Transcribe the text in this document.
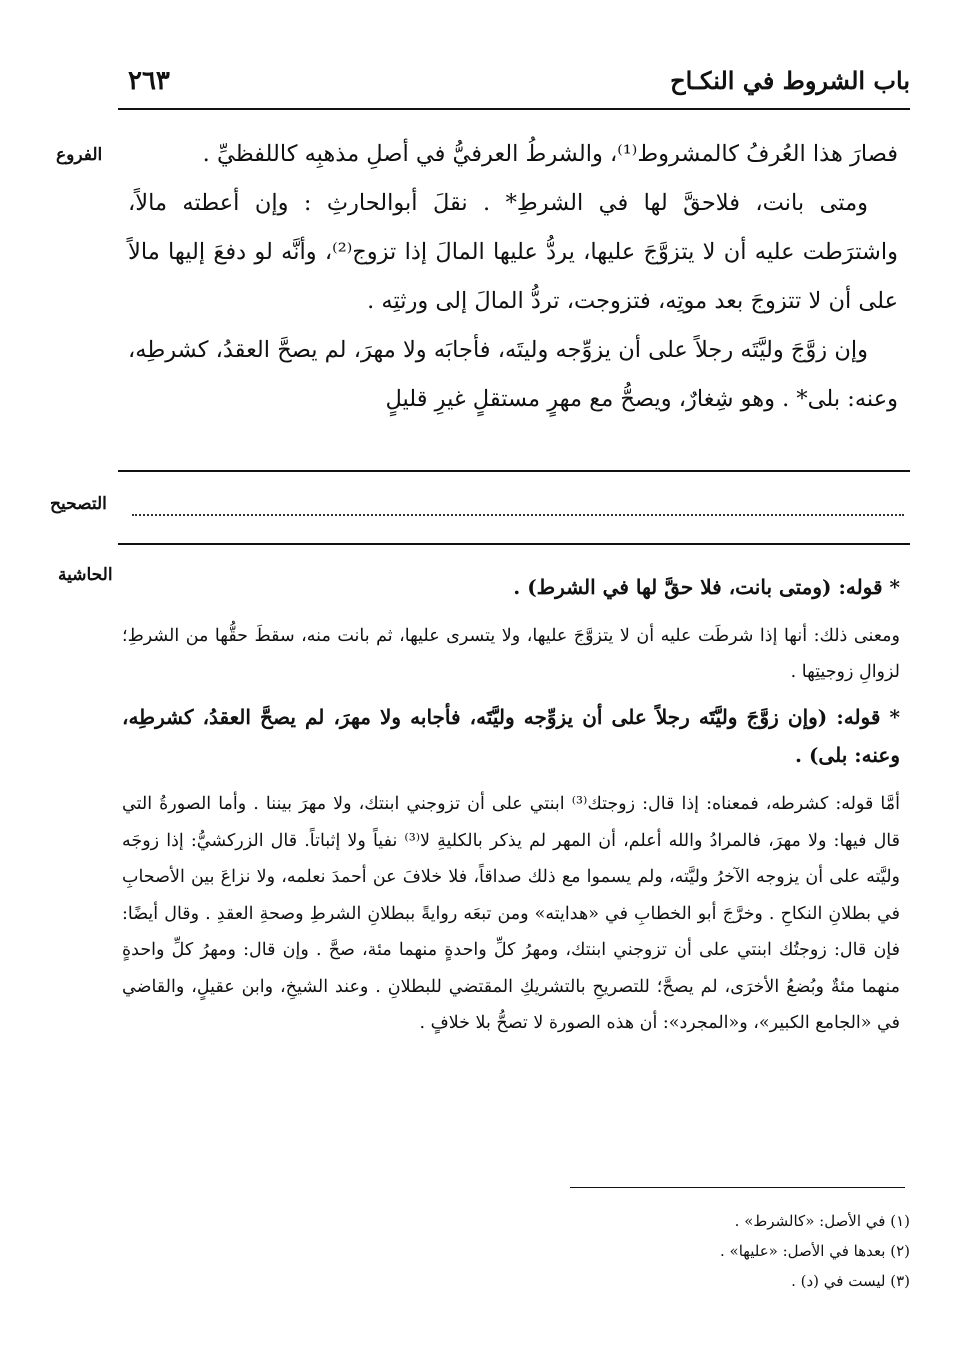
باب الشروط في النكـاح
٢٦٣
الفروع	فصارَ هذا العُرفُ كالمشروط⁽¹⁾، والشرطُ العرفيُّ في أصلِ مذهبِه كاللفظيِّ .

ومتى بانت، فلاحقَّ لها في الشرطِ* . نقلَ أبوالحارثِ : وإن أعطته مالاً، واشترَطت عليه أن لا يتزوَّجَ عليها، يردُّ عليها المالَ إذا تزوج⁽²⁾، وأنَّه لو دفعَ إليها مالاً على أن لا تتزوجَ بعد موتِه، فتزوجت، تردُّ المالَ إلى ورثتِه .

وإن زوَّجَ وليَّتَه رجلاً على أن يزوِّجه وليتَه، فأجابَه ولا مهرَ، لم يصحَّ العقدُ، كشرطِه، وعنه: بلى* . وهو شِغارٌ، ويصحُّ مع مهرٍ مستقلٍ غيرِ قليلٍ

التصحيح
الحاشية	* قوله: (ومتى بانت، فلا حقَّ لها في الشرط) .

ومعنى ذلك: أنها إذا شرطَت عليه أن لا يتزوَّجَ عليها، ولا يتسرى عليها، ثم بانت منه، سقطَ حقُّها من الشرطِ؛ لزوالِ زوجيتِها .

* قوله: (وإن زوَّجَ وليَّتَه رجلاً على أن يزوِّجه وليَّتَه، فأجابه ولا مهرَ، لم يصحَّ العقدُ، كشرطِه، وعنه: بلى) .

أمَّا قوله: كشرطه، فمعناه: إذا قال: زوجتك⁽³⁾ ابنتي على أن تزوجني ابنتك، ولا مهرَ بيننا . وأما الصورةُ التي قال فيها: ولا مهرَ، فالمرادُ والله أعلم، أن المهر لم يذكر بالكليةِ لا⁽³⁾ نفياً ولا إثباتاً. قال الزركشيُّ: إذا زوجَه وليَّته على أن يزوجه الآخرُ وليَّته، ولم يسموا مع ذلك صداقاً، فلا خلافَ عن أحمدَ نعلمه، ولا نزاعَ بين الأصحابِ في بطلانِ النكاحِ . وخرَّجَ أبو الخطابِ في «هدايته» ومن تبعَه روايةً ببطلانِ الشرطِ وصحةِ العقدِ . وقال أيضًا: فإن قال: زوجتُك ابنتي على أن تزوجني ابنتك، ومهرُ كلِّ واحدةٍ منهما مئة، صحَّ . وإن قال: ومهرُ كلِّ واحدةٍ منهما مئةٌ وبُضعُ الأخرَى، لم يصحَّ؛ للتصريحِ بالتشريكِ المقتضي للبطلانِ . وعند الشيخِ، وابن عقيلٍ، والقاضي في «الجامع الكبير»، و«المجرد»: أن هذه الصورة لا تصحُّ بلا خلافٍ .

(١) في الأصل: «كالشرط» .
(٢) بعدها في الأصل: «عليها» .
(٣) ليست في (د) .
